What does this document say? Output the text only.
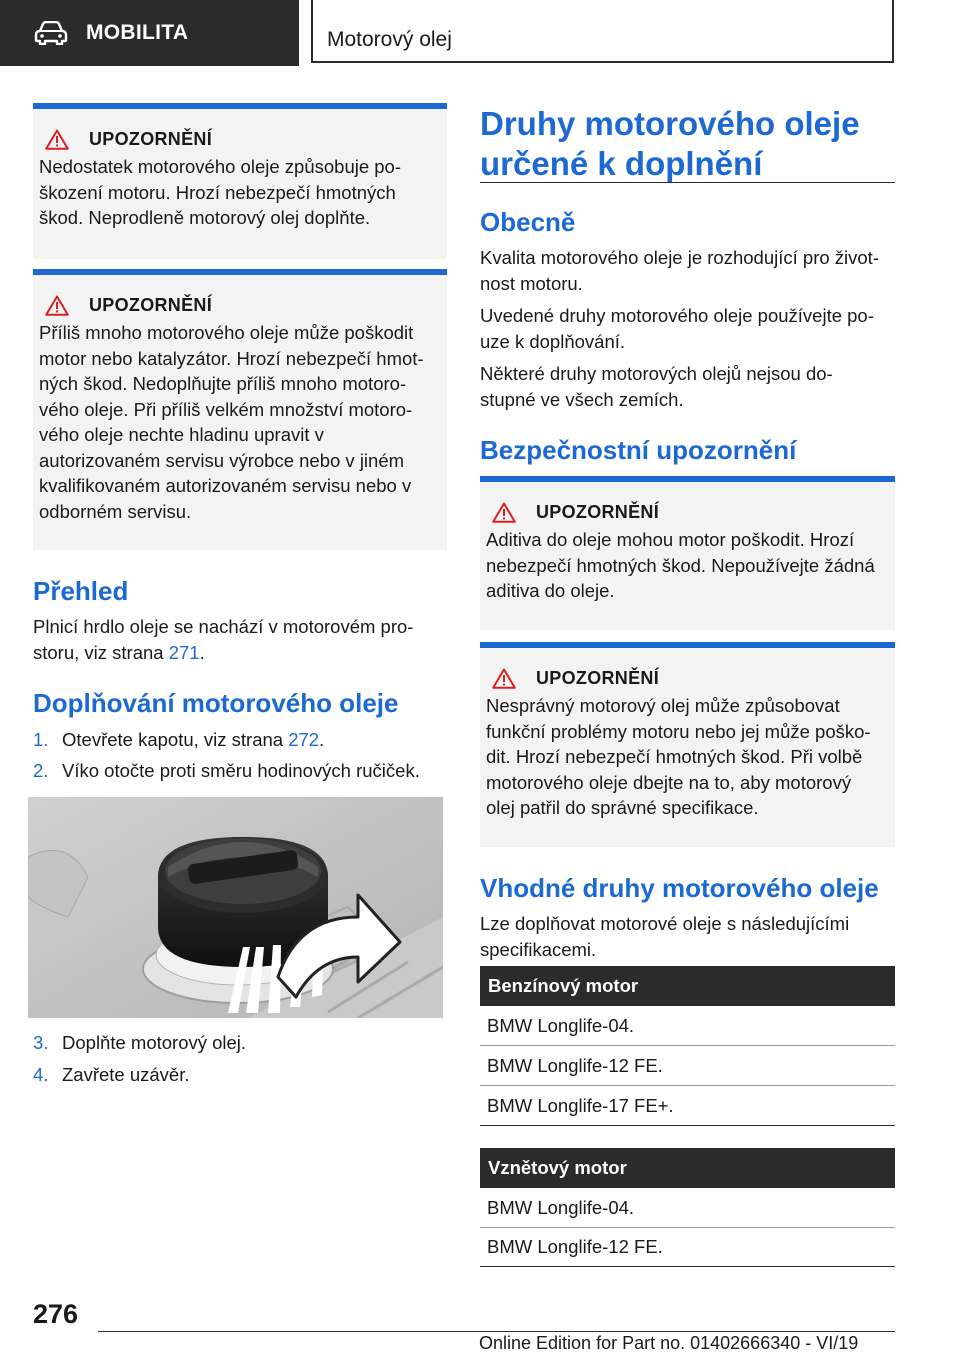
MOBILITA	Motorový olej
UPOZORNĚNÍ
Nedostatek motorového oleje způsobuje po-
škození motoru. Hrozí nebezpečí hmotných
škod. Neprodleně motorový olej doplňte.
UPOZORNĚNÍ
Příliš mnoho motorového oleje může poškodit
motor nebo katalyzátor. Hrozí nebezpečí hmot-
ných škod. Nedoplňujte příliš mnoho motoro-
vého oleje. Při příliš velkém množství motoro-
vého oleje nechte hladinu upravit v
autorizovaném servisu výrobce nebo v jiném
kvalifikovaném autorizovaném servisu nebo v
odborném servisu.
Přehled
Plnicí hrdlo oleje se nachází v motorovém pro-
storu, viz strana 271.
Doplňování motorového oleje
1. Otevřete kapotu, viz strana 272.
2. Víko otočte proti směru hodinových ručiček.
3. Doplňte motorový olej.
4. Zavřete uzávěr.
Druhy motorového oleje
určené k doplnění
Obecně
Kvalita motorového oleje je rozhodující pro život-
nost motoru.
Uvedené druhy motorového oleje používejte po-
uze k doplňování.
Některé druhy motorových olejů nejsou do-
stupné ve všech zemích.
Bezpečnostní upozornění
UPOZORNĚNÍ
Aditiva do oleje mohou motor poškodit. Hrozí
nebezpečí hmotných škod. Nepoužívejte žádná
aditiva do oleje.
UPOZORNĚNÍ
Nesprávný motorový olej může způsobovat
funkční problémy motoru nebo jej může poško-
dit. Hrozí nebezpečí hmotných škod. Při volbě
motorového oleje dbejte na to, aby motorový
olej patřil do správné specifikace.
Vhodné druhy motorového oleje
Lze doplňovat motorové oleje s následujícími
specifikacemi.
Benzínový motor
BMW Longlife-04.
BMW Longlife-12 FE.
BMW Longlife-17 FE+.
Vznětový motor
BMW Longlife-04.
BMW Longlife-12 FE.
276
Online Edition for Part no. 01402666340 - VI/19
